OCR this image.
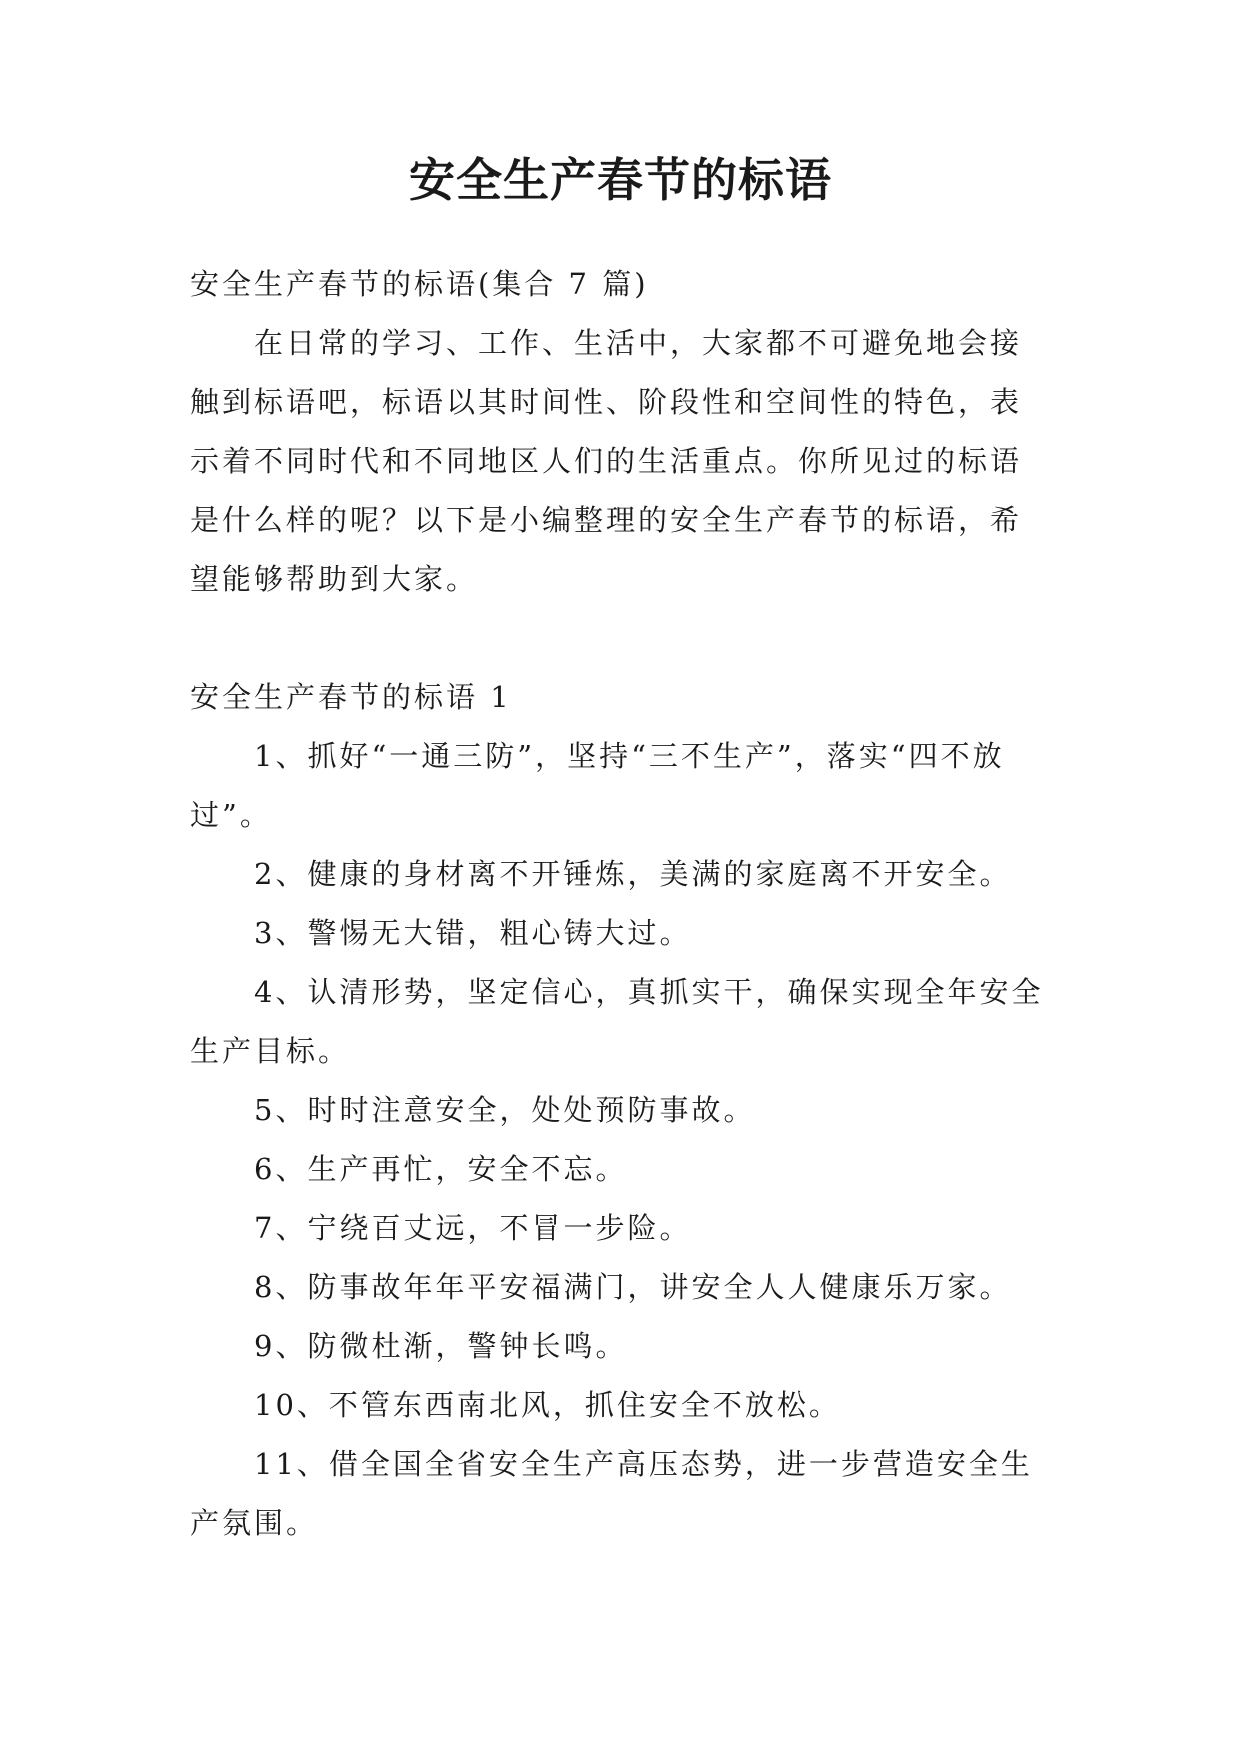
安全生产春节的标语

安全生产春节的标语(集合 7 篇)

在日常的学习、工作、生活中，大家都不可避免地会接触到标语吧，标语以其时间性、阶段性和空间性的特色，表示着不同时代和不同地区人们的生活重点。你所见过的标语是什么样的呢？以下是小编整理的安全生产春节的标语，希望能够帮助到大家。

安全生产春节的标语 1

1、抓好“一通三防”，坚持“三不生产”，落实“四不放过”。

2、健康的身材离不开锤炼，美满的家庭离不开安全。

3、警惕无大错，粗心铸大过。

4、认清形势，坚定信心，真抓实干，确保实现全年安全生产目标。

5、时时注意安全，处处预防事故。

6、生产再忙，安全不忘。

7、宁绕百丈远，不冒一步险。

8、防事故年年平安福满门，讲安全人人健康乐万家。

9、防微杜渐，警钟长鸣。

10、不管东西南北风，抓住安全不放松。

11、借全国全省安全生产高压态势，进一步营造安全生产氛围。
